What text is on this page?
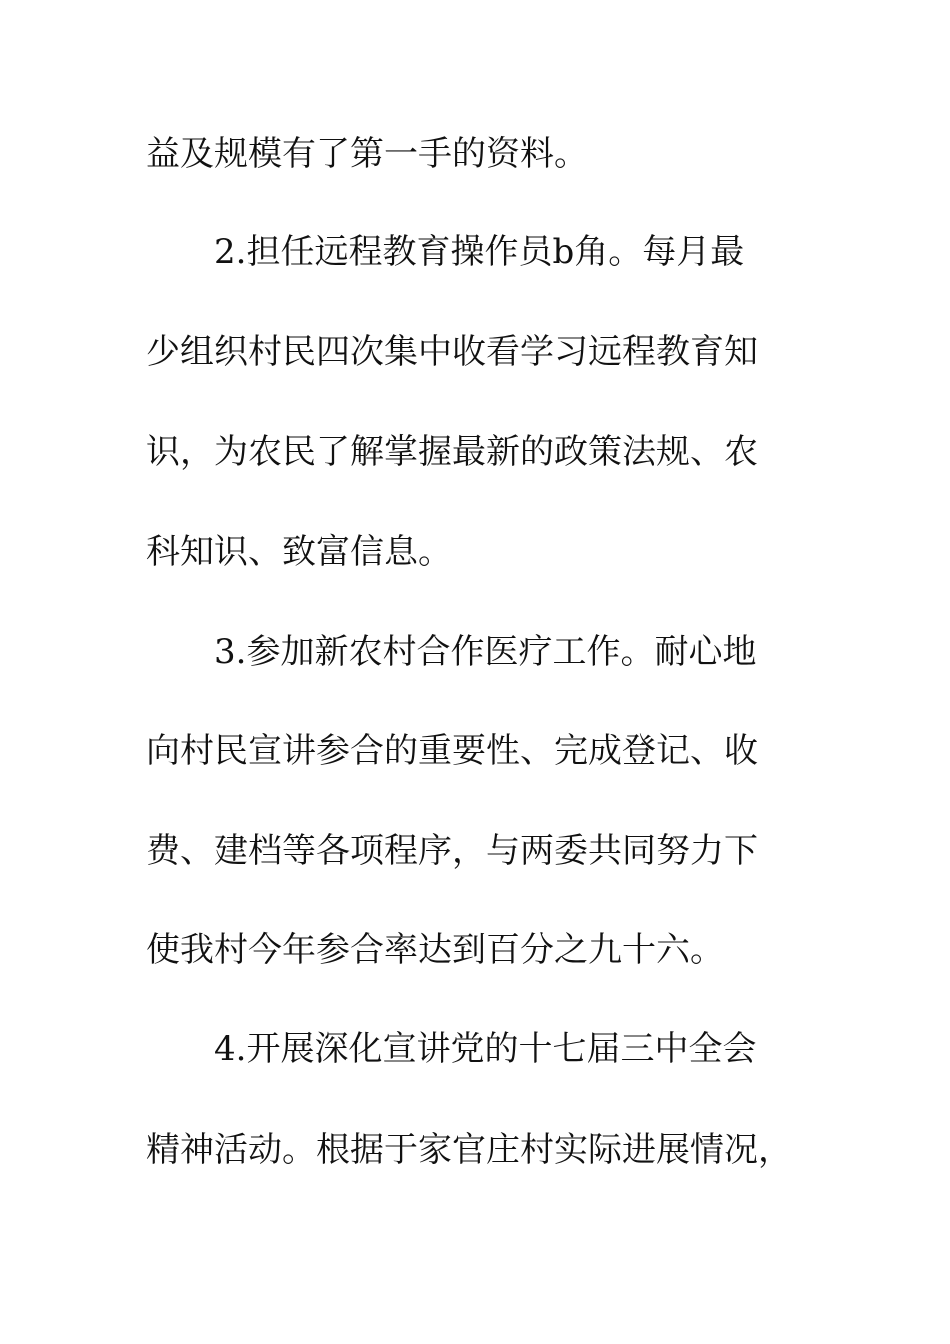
益及规模有了第一手的资料。
2.担任远程教育操作员b角。每月最
少组织村民四次集中收看学习远程教育知
识，为农民了解掌握最新的政策法规、农
科知识、致富信息。
3.参加新农村合作医疗工作。耐心地
向村民宣讲参合的重要性、完成登记、收
费、建档等各项程序，与两委共同努力下
使我村今年参合率达到百分之九十六。
4.开展深化宣讲党的十七届三中全会
精神活动。根据于家官庄村实际进展情况，
